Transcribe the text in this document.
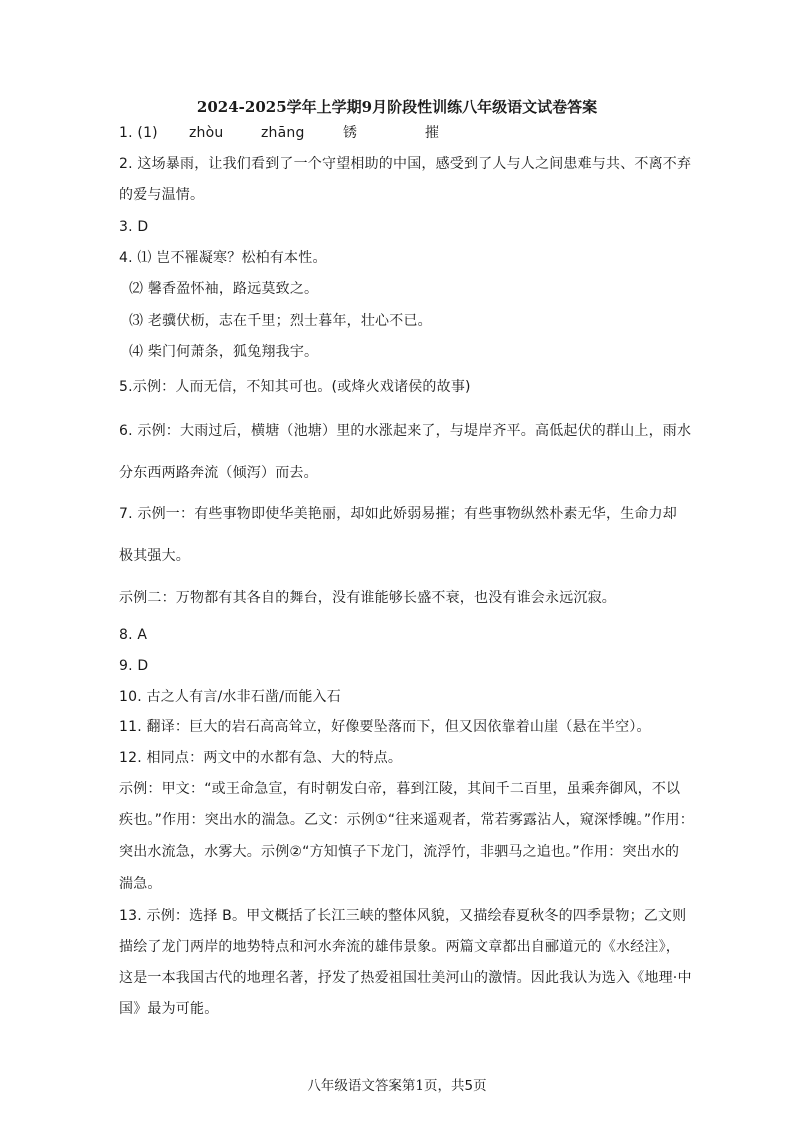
2024-2025学年上学期9月阶段性训练八年级语文试卷答案
1. (1) zhòu	zhāng	锈	摧
2. 这场暴雨，让我们看到了一个守望相助的中国，感受到了人与人之间患难与共、不离不弃
的爱与温情。
3. D
4. ⑴ 岂不罹凝寒？松柏有本性。
⑵ 馨香盈怀袖，路远莫致之。
⑶ 老骥伏枥，志在千里；烈士暮年，壮心不已。
⑷ 柴门何萧条，狐兔翔我宇。
5.示例：人而无信，不知其可也。(或烽火戏诸侯的故事)
6. 示例：大雨过后，横塘（池塘）里的水涨起来了，与堤岸齐平。高低起伏的群山上，雨水
分东西两路奔流（倾泻）而去。
7. 示例一：有些事物即使华美艳丽，却如此娇弱易摧；有些事物纵然朴素无华，生命力却
极其强大。
示例二：万物都有其各自的舞台，没有谁能够长盛不衰，也没有谁会永远沉寂。
8. A
9. D
10. 古之人有言/水非石凿/而能入石
11. 翻译：巨大的岩石高高耸立，好像要坠落而下，但又因依靠着山崖（悬在半空）。
12. 相同点：两文中的水都有急、大的特点。
示例：甲文：“或王命急宣，有时朝发白帝，暮到江陵，其间千二百里，虽乘奔御风，不以
疾也。”作用：突出水的湍急。乙文：示例①“往来遥观者，常若雾露沾人，窥深悸魄。”作用：
突出水流急，水雾大。示例②“方知慎子下龙门，流浮竹，非驷马之追也。”作用：突出水的
湍急。
13. 示例：选择 B。甲文概括了长江三峡的整体风貌，又描绘春夏秋冬的四季景物；乙文则
描绘了龙门两岸的地势特点和河水奔流的雄伟景象。两篇文章都出自郦道元的《水经注》，
这是一本我国古代的地理名著，抒发了热爱祖国壮美河山的激情。因此我认为选入《地理·中
国》最为可能。
八年级语文答案第1页，共5页
